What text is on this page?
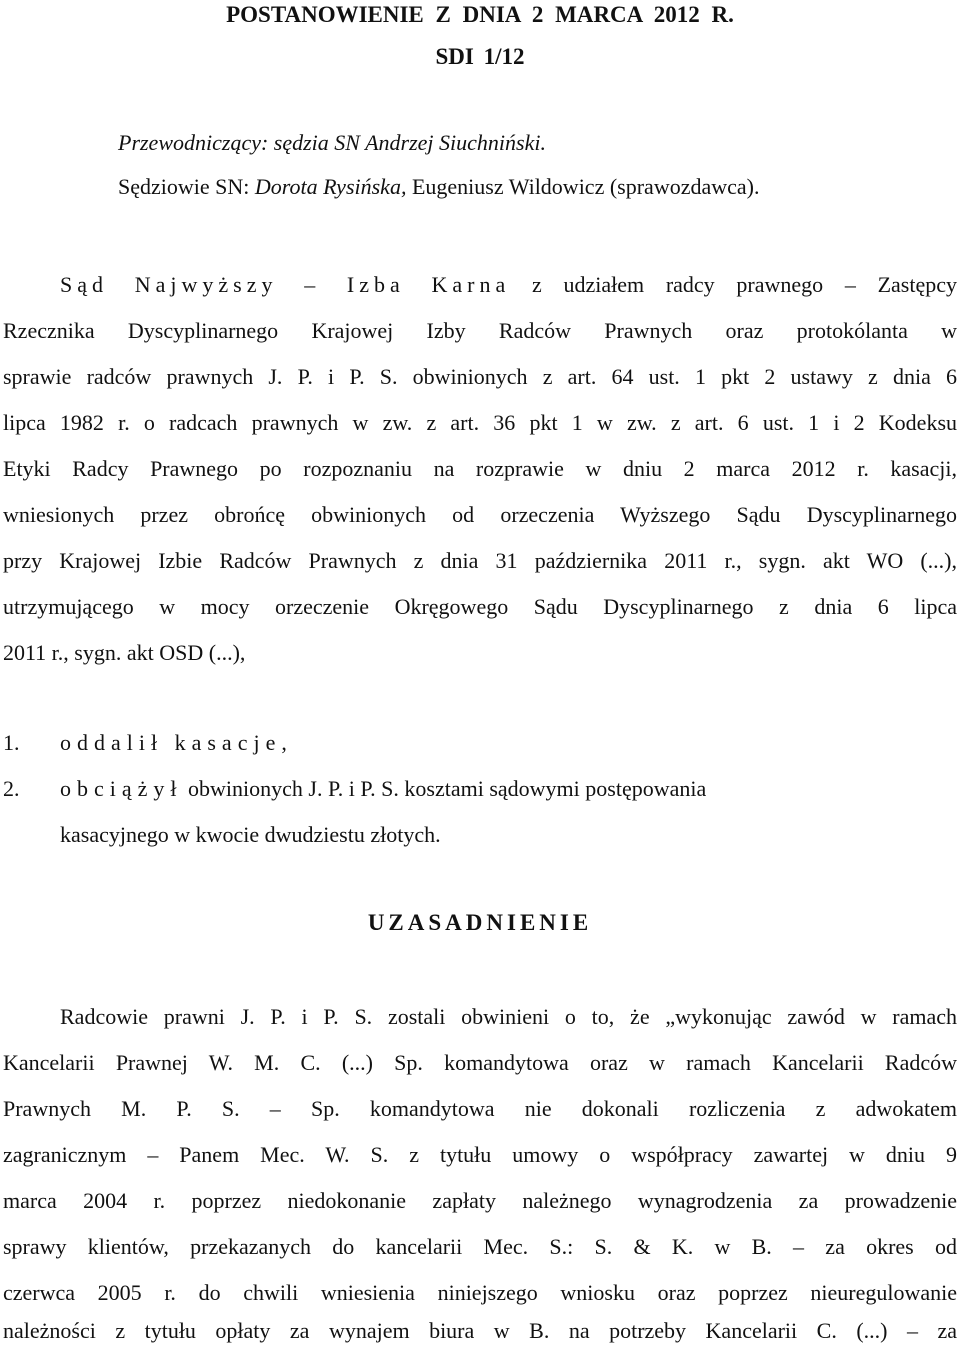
POSTANOWIENIE Z DNIA 2 MARCA 2012 R.
SDI 1/12
Przewodniczący: sędzia SN Andrzej Siuchniński.
Sędziowie SN: Dorota Rysińska, Eugeniusz Wildowicz (sprawozdawca).
Sąd Najwyższy – Izba Karna z udziałem radcy prawnego – Zastępcy
Rzecznika Dyscyplinarnego Krajowej Izby Radców Prawnych oraz protokólanta w
sprawie radców prawnych J. P. i P. S. obwinionych z art. 64 ust. 1 pkt 2 ustawy z dnia 6
lipca 1982 r. o radcach prawnych w zw. z art. 36 pkt 1 w zw. z art. 6 ust. 1 i 2 Kodeksu
Etyki Radcy Prawnego po rozpoznaniu na rozprawie w dniu 2 marca 2012 r. kasacji,
wniesionych przez obrońcę obwinionych od orzeczenia Wyższego Sądu Dyscyplinarnego
przy Krajowej Izbie Radców Prawnych z dnia 31 października 2011 r., sygn. akt WO (...),
utrzymującego w mocy orzeczenie Okręgowego Sądu Dyscyplinarnego z dnia 6 lipca
2011 r., sygn. akt OSD (...),
1. oddalił kasacje,
2. obciążył obwinionych J. P. i P. S. kosztami sądowymi postępowania
kasacyjnego w kwocie dwudziestu złotych.
UZASADNIENIE
Radcowie prawni J. P. i P. S. zostali obwinieni o to, że „wykonując zawód w ramach
Kancelarii Prawnej W. M. C. (...) Sp. komandytowa oraz w ramach Kancelarii Radców
Prawnych M. P. S. – Sp. komandytowa nie dokonali rozliczenia z adwokatem
zagranicznym – Panem Mec. W. S. z tytułu umowy o współpracy zawartej w dniu 9
marca 2004 r. poprzez niedokonanie zapłaty należnego wynagrodzenia za prowadzenie
sprawy klientów, przekazanych do kancelarii Mec. S.: S. & K. w B. – za okres od
czerwca 2005 r. do chwili wniesienia niniejszego wniosku oraz poprzez nieuregulowanie
należności z tytułu opłaty za wynajem biura w B. na potrzeby Kancelarii C. (...) – za
